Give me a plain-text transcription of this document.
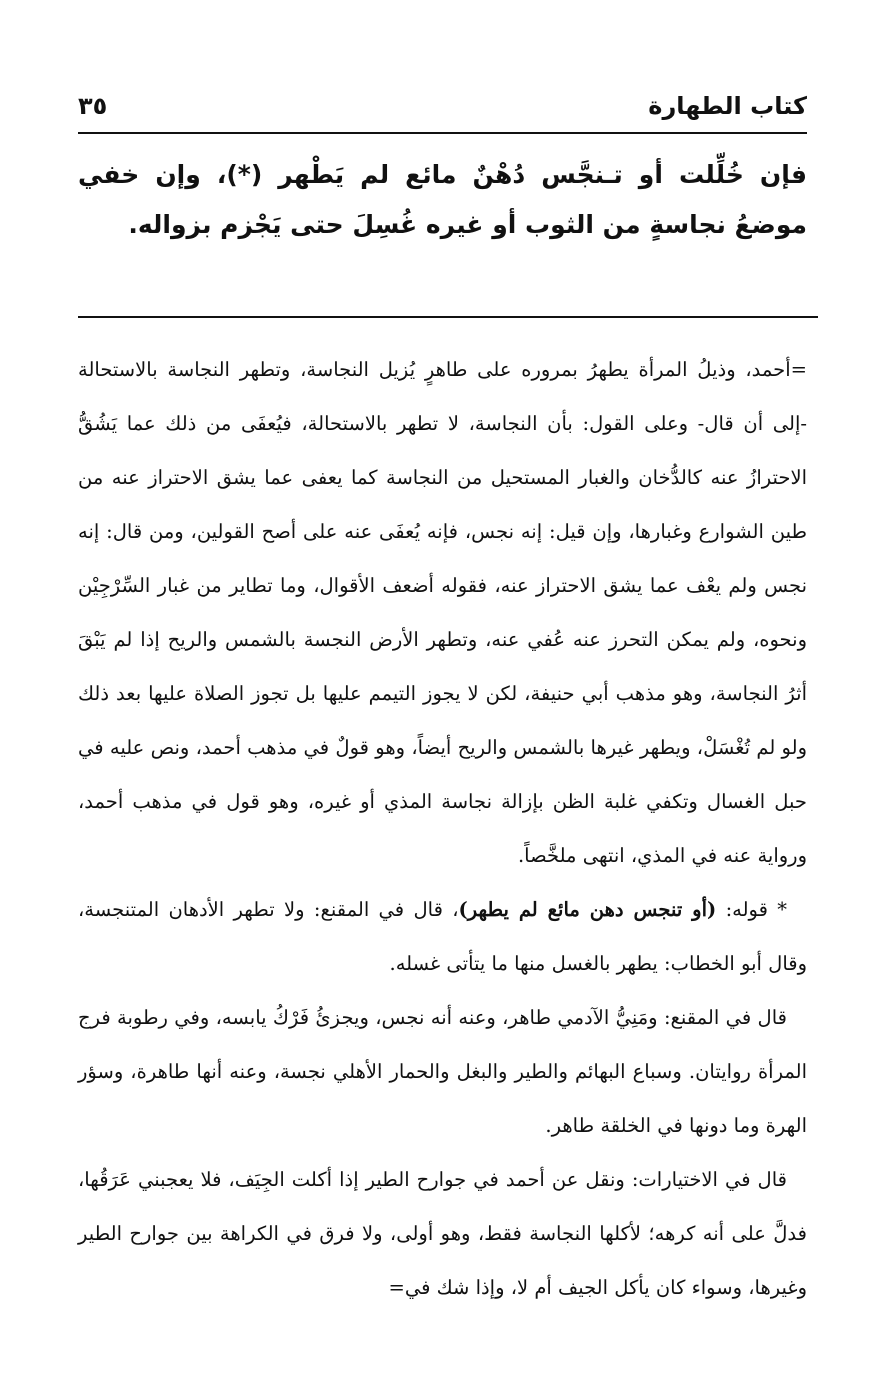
كتاب الطهارة
٣٥

فإن خُلِّلت أو تـنجَّس دُهْنٌ مائع لم يَطْهر (*)، وإن خفي موضعُ نجاسةٍ من الثوب أو غيره غُسِلَ حتى يَجْزم بزواله.

=أحمد، وذيلُ المرأة يطهرُ بمروره على طاهرٍ يُزيل النجاسة، وتطهر النجاسة بالاستحالة -إلى أن قال- وعلى القول: بأن النجاسة، لا تطهر بالاستحالة، فيُعفَى من ذلك عما يَشُقُّ الاحترازُ عنه كالدُّخان والغبار المستحيل من النجاسة كما يعفى عما يشق الاحتراز عنه من طين الشوارع وغبارها، وإن قيل: إنه نجس، فإنه يُعفَى عنه على أصح القولين، ومن قال: إنه نجس ولم يعْف عما يشق الاحتراز عنه، فقوله أضعف الأقوال، وما تطاير من غبار السِّرْجِيْن ونحوه، ولم يمكن التحرز عنه عُفي عنه، وتطهر الأرض النجسة بالشمس والريح إذا لم يَبْقَ أثرُ النجاسة، وهو مذهب أبي حنيفة، لكن لا يجوز التيمم عليها بل تجوز الصلاة عليها بعد ذلك ولو لم تُغْسَلْ، ويطهر غيرها بالشمس والريح أيضاً، وهو قولٌ في مذهب أحمد، ونص عليه في حبل الغسال وتكفي غلبة الظن بإزالة نجاسة المذي أو غيره، وهو قول في مذهب أحمد، ورواية عنه في المذي، انتهى ملخَّصاً.

* قوله: (أو تنجس دهن مائع لم يطهر)، قال في المقنع: ولا تطهر الأدهان المتنجسة، وقال أبو الخطاب: يطهر بالغسل منها ما يتأتى غسله.

قال في المقنع: ومَنِيُّ الآدمي طاهر، وعنه أنه نجس، ويجزئُ فَرْكُ يابسه، وفي رطوبة فرج المرأة روايتان. وسباع البهائم والطير والبغل والحمار الأهلي نجسة، وعنه أنها طاهرة، وسؤر الهرة وما دونها في الخلقة طاهر.

قال في الاختيارات: ونقل عن أحمد في جوارح الطير إذا أكلت الجِيَف، فلا يعجبني عَرَقُها، فدلَّ على أنه كرهه؛ لأكلها النجاسة فقط، وهو أولى، ولا فرق في الكراهة بين جوارح الطير وغيرها، وسواء كان يأكل الجيف أم لا، وإذا شك في=
